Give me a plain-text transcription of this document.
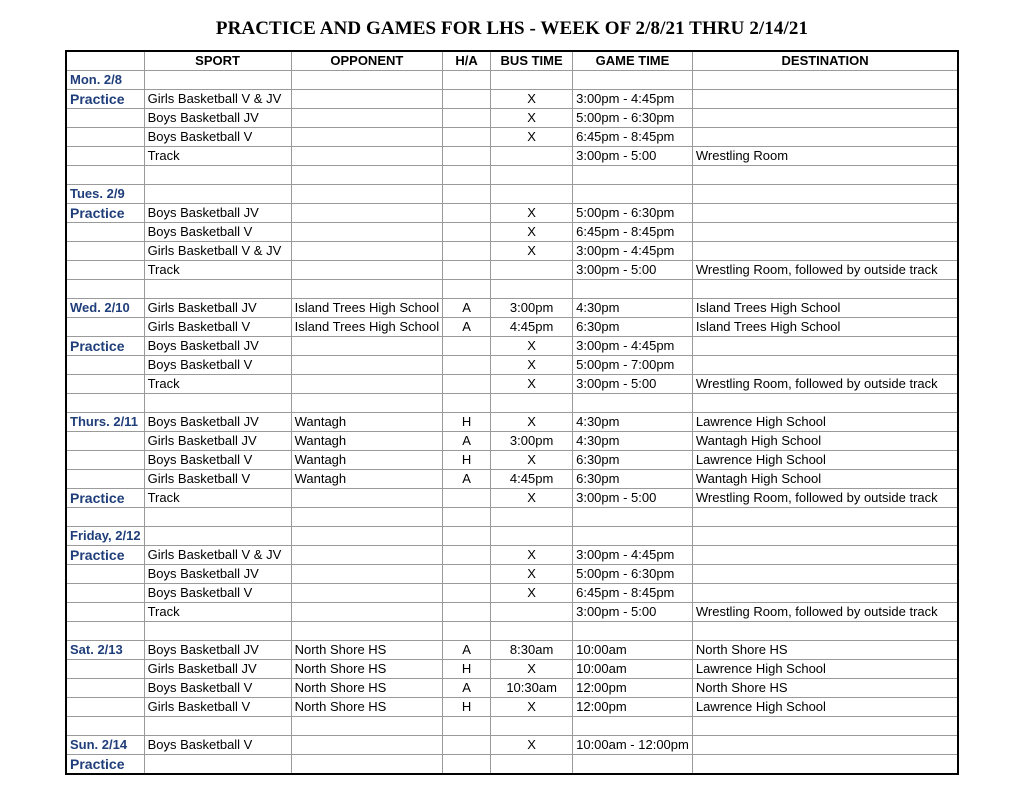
PRACTICE AND GAMES FOR LHS - WEEK OF 2/8/21 THRU 2/14/21
	SPORT	OPPONENT	H/A	BUS TIME	GAME TIME	DESTINATION
Mon. 2/8						
Practice	Girls Basketball V & JV			X	3:00pm - 4:45pm	
	Boys Basketball JV			X	5:00pm - 6:30pm	
	Boys Basketball V			X	6:45pm - 8:45pm	
	Track				3:00pm - 5:00	Wrestling Room

Tues. 2/9						
Practice	Boys Basketball JV			X	5:00pm - 6:30pm	
	Boys Basketball V			X	6:45pm - 8:45pm	
	Girls Basketball V & JV			X	3:00pm - 4:45pm	
	Track				3:00pm - 5:00	Wrestling Room, followed by outside track

Wed. 2/10	Girls Basketball JV	Island Trees High School	A	3:00pm	4:30pm	Island Trees High School
	Girls Basketball V	Island Trees High School	A	4:45pm	6:30pm	Island Trees High School
Practice	Boys Basketball JV			X	3:00pm - 4:45pm	
	Boys Basketball V			X	5:00pm - 7:00pm	
	Track			X	3:00pm - 5:00	Wrestling Room, followed by outside track

Thurs. 2/11	Boys Basketball JV	Wantagh	H	X	4:30pm	Lawrence High School
	Girls Basketball JV	Wantagh	A	3:00pm	4:30pm	Wantagh High School
	Boys Basketball V	Wantagh	H	X	6:30pm	Lawrence High School
	Girls Basketball V	Wantagh	A	4:45pm	6:30pm	Wantagh High School
Practice	Track			X	3:00pm - 5:00	Wrestling Room, followed by outside track

Friday, 2/12						
Practice	Girls Basketball V & JV			X	3:00pm - 4:45pm	
	Boys Basketball JV			X	5:00pm - 6:30pm	
	Boys Basketball V			X	6:45pm - 8:45pm	
	Track				3:00pm - 5:00	Wrestling Room, followed by outside track

Sat. 2/13	Boys Basketball JV	North Shore HS	A	8:30am	10:00am	North Shore HS
	Girls Basketball JV	North Shore HS	H	X	10:00am	Lawrence High School
	Boys Basketball V	North Shore HS	A	10:30am	12:00pm	North Shore HS
	Girls Basketball V	North Shore HS	H	X	12:00pm	Lawrence High School

Sun. 2/14	Boys Basketball V			X	10:00am - 12:00pm	
Practice						
